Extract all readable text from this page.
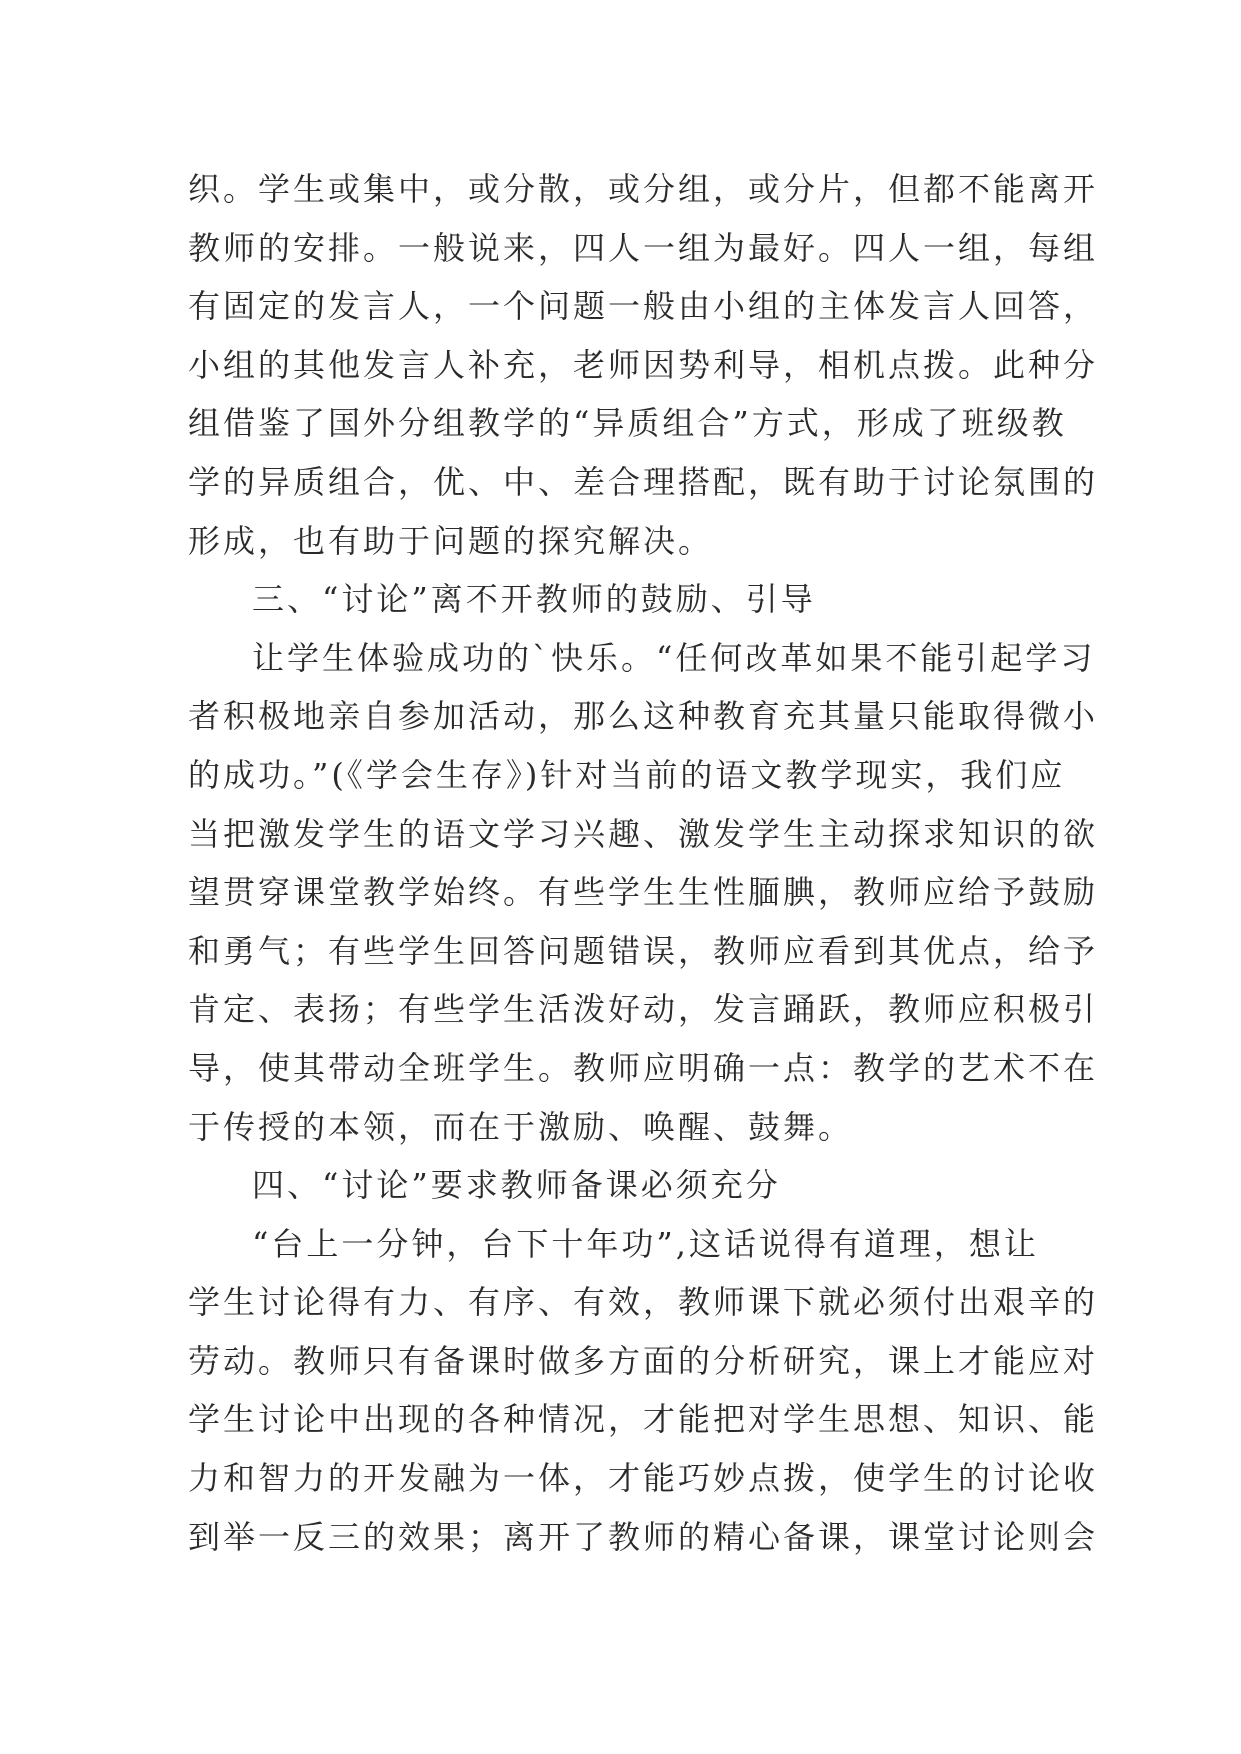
织。学生或集中，或分散，或分组，或分片，但都不能离开
教师的安排。一般说来，四人一组为最好。四人一组，每组
有固定的发言人，一个问题一般由小组的主体发言人回答，
小组的其他发言人补充，老师因势利导，相机点拨。此种分
组借鉴了国外分组教学的“异质组合”方式，形成了班级教
学的异质组合，优、中、差合理搭配，既有助于讨论氛围的
形成，也有助于问题的探究解决。
三、“讨论”离不开教师的鼓励、引导
让学生体验成功的`快乐。“任何改革如果不能引起学习
者积极地亲自参加活动，那么这种教育充其量只能取得微小
的成功。”(《学会生存》)针对当前的语文教学现实，我们应
当把激发学生的语文学习兴趣、激发学生主动探求知识的欲
望贯穿课堂教学始终。有些学生生性腼腆，教师应给予鼓励
和勇气；有些学生回答问题错误，教师应看到其优点，给予
肯定、表扬；有些学生活泼好动，发言踊跃，教师应积极引
导，使其带动全班学生。教师应明确一点：教学的艺术不在
于传授的本领，而在于激励、唤醒、鼓舞。
四、“讨论”要求教师备课必须充分
“台上一分钟，台下十年功”,这话说得有道理，想让
学生讨论得有力、有序、有效，教师课下就必须付出艰辛的
劳动。教师只有备课时做多方面的分析研究，课上才能应对
学生讨论中出现的各种情况，才能把对学生思想、知识、能
力和智力的开发融为一体，才能巧妙点拨，使学生的讨论收
到举一反三的效果；离开了教师的精心备课，课堂讨论则会
